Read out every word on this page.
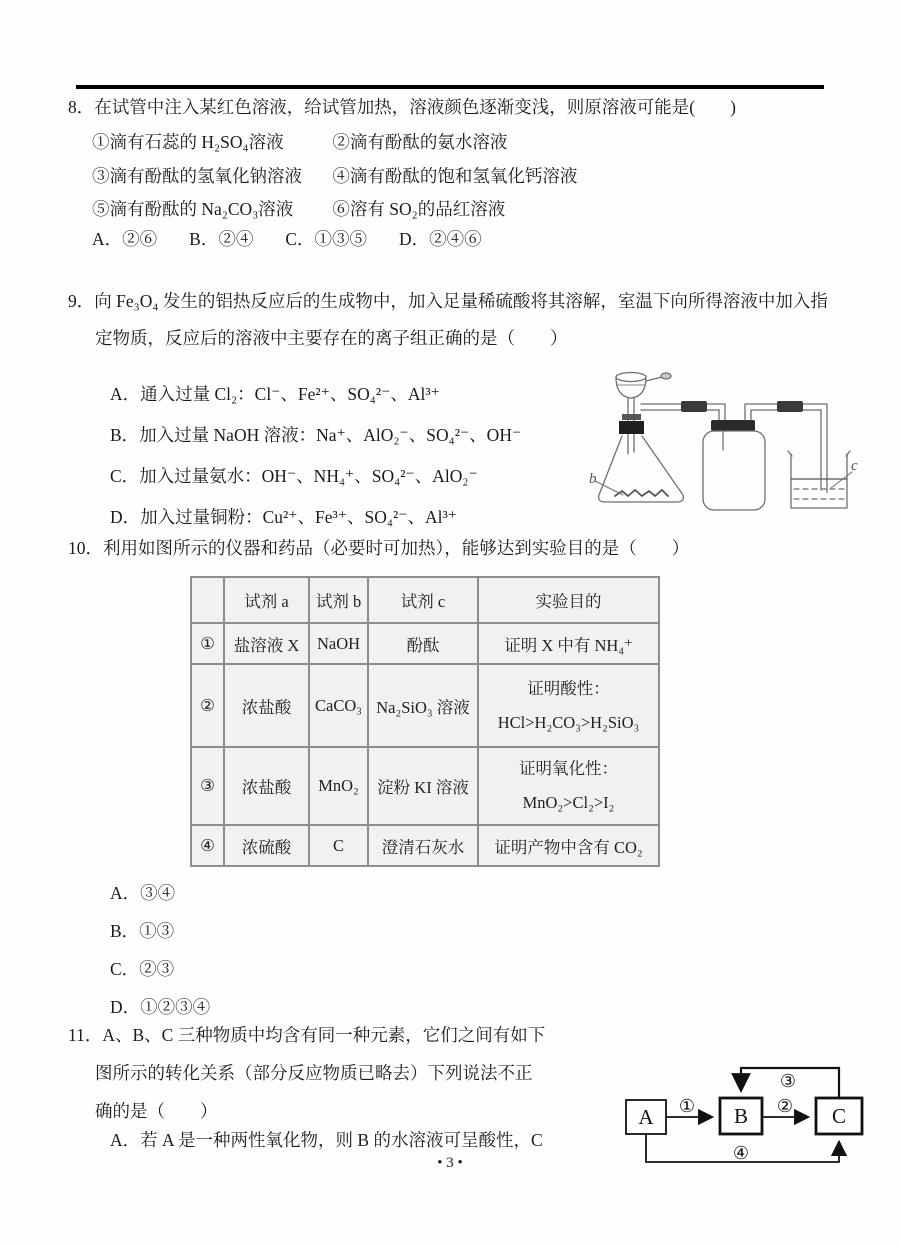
8．在试管中注入某红色溶液，给试管加热，溶液颜色逐渐变浅，则原溶液可能是(　　)
①滴有石蕊的 H₂SO₄溶液	②滴有酚酞的氨水溶液
③滴有酚酞的氢氧化钠溶液 ④滴有酚酞的饱和氢氧化钙溶液
⑤滴有酚酞的 Na₂CO₃溶液 ⑥溶有 SO₂的品红溶液
A．②⑥ B．②④ C．①③⑤ D．②④⑥
9．向 Fe₃O₄ 发生的铝热反应后的生成物中，加入足量稀硫酸将其溶解，室温下向所得溶液中加入指
定物质，反应后的溶液中主要存在的离子组正确的是（　　）
A．通入过量 Cl₂：Cl⁻、Fe²⁺、SO₄²⁻、Al³⁺
B．加入过量 NaOH 溶液：Na⁺、AlO₂⁻、SO₄²⁻、OH⁻
C．加入过量氨水：OH⁻、NH₄⁺、SO₄²⁻、AlO₂⁻
D．加入过量铜粉：Cu²⁺、Fe³⁺、SO₄²⁻、Al³⁺
b
c
10．利用如图所示的仪器和药品（必要时可加热），能够达到实验目的是（　　）
	试剂 a	试剂 b	试剂 c	实验目的
①	盐溶液 X	NaOH	酚酞	证明 X 中有 NH₄⁺
②	浓盐酸	CaCO₃	Na₂SiO₃ 溶液	证明酸性：
HCl>H₂CO₃>H₂SiO₃

③	浓盐酸	MnO₂	淀粉 KI 溶液	证明氧化性：
MnO₂>Cl₂>I₂

④	浓硫酸	C	澄清石灰水	证明产物中含有 CO₂
A．③④
B．①③
C．②③
D．①②③④
11．A、B、C 三种物质中均含有同一种元素，它们之间有如下
图所示的转化关系（部分反应物质已略去）下列说法不正
确的是（　　）
A．若 A 是一种两性氧化物，则 B 的水溶液可呈酸性，C
A	B	C
①	②
③
④
• 3 •
